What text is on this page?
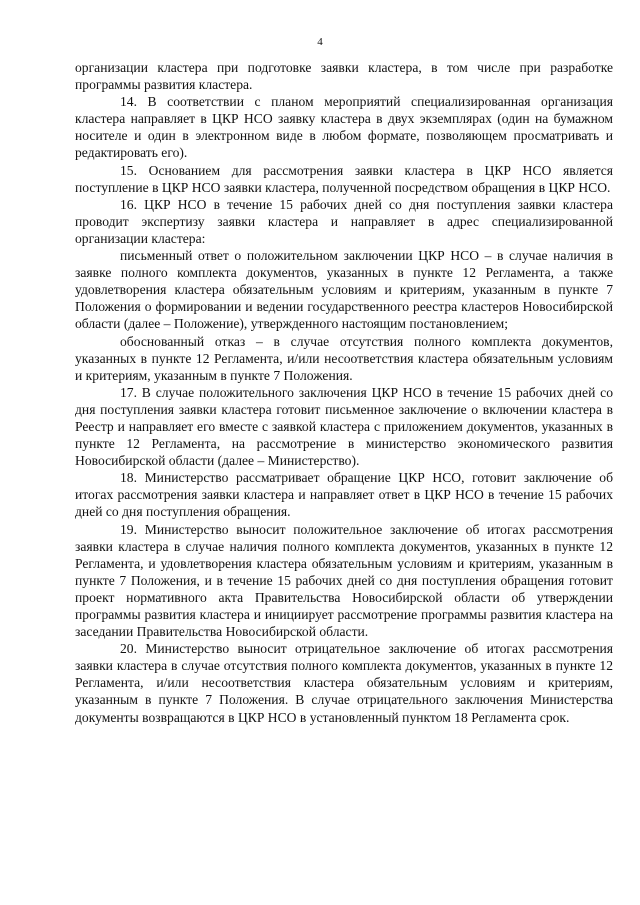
4

организации кластера при подготовке заявки кластера, в том числе при разработке программы развития кластера.

14. В соответствии с планом мероприятий специализированная организация кластера направляет в ЦКР НСО заявку кластера в двух экземплярах (один на бумажном носителе и один в электронном виде в любом формате, позволяющем просматривать и редактировать его).

15. Основанием для рассмотрения заявки кластера в ЦКР НСО является поступление в ЦКР НСО заявки кластера, полученной посредством обращения в ЦКР НСО.

16. ЦКР НСО в течение 15 рабочих дней со дня поступления заявки кластера проводит экспертизу заявки кластера и направляет в адрес специализированной организации кластера:

письменный ответ о положительном заключении ЦКР НСО – в случае наличия в заявке полного комплекта документов, указанных в пункте 12 Регламента, а также удовлетворения кластера обязательным условиям и критериям, указанным в пункте 7 Положения о формировании и ведении государственного реестра кластеров Новосибирской области (далее – Положение), утвержденного настоящим постановлением;

обоснованный отказ – в случае отсутствия полного комплекта документов, указанных в пункте 12 Регламента, и/или несоответствия кластера обязательным условиям и критериям, указанным в пункте 7 Положения.

17. В случае положительного заключения ЦКР НСО в течение 15 рабочих дней со дня поступления заявки кластера готовит письменное заключение о включении кластера в Реестр и направляет его вместе с заявкой кластера с приложением документов, указанных в пункте 12 Регламента, на рассмотрение в министерство экономического развития Новосибирской области (далее – Министерство).

18. Министерство рассматривает обращение ЦКР НСО, готовит заключение об итогах рассмотрения заявки кластера и направляет ответ в ЦКР НСО в течение 15 рабочих дней со дня поступления обращения.

19. Министерство выносит положительное заключение об итогах рассмотрения заявки кластера в случае наличия полного комплекта документов, указанных в пункте 12 Регламента, и удовлетворения кластера обязательным условиям и критериям, указанным в пункте 7 Положения, и в течение 15 рабочих дней со дня поступления обращения готовит проект нормативного акта Правительства Новосибирской области об утверждении программы развития кластера и инициирует рассмотрение программы развития кластера на заседании Правительства Новосибирской области.

20. Министерство выносит отрицательное заключение об итогах рассмотрения заявки кластера в случае отсутствия полного комплекта документов, указанных в пункте 12 Регламента, и/или несоответствия кластера обязательным условиям и критериям, указанным в пункте 7 Положения. В случае отрицательного заключения Министерства документы возвращаются в ЦКР НСО в установленный пунктом 18 Регламента срок.
